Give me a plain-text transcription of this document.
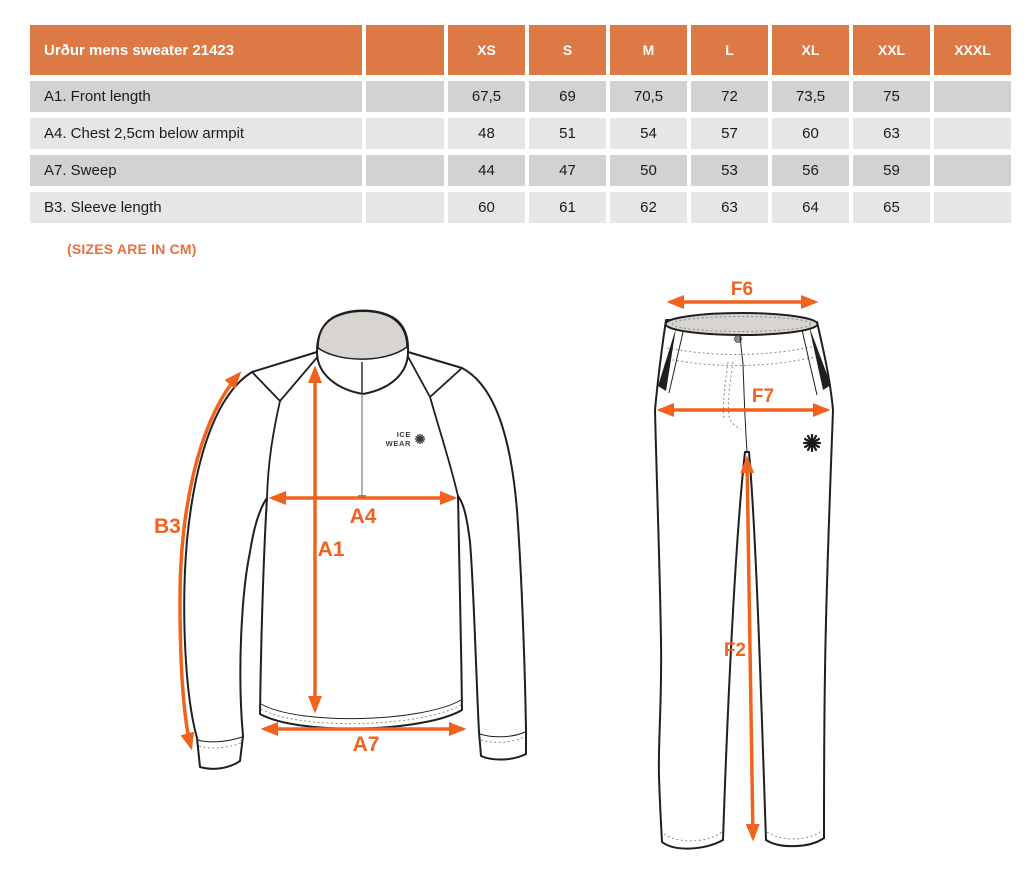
Urður mens sweater 21423		XS	S	M	L	XL	XXL	XXXL
A1. Front length		67,5	69	70,5	72	73,5	75	
A4. Chest 2,5cm below armpit		48	51	54	57	60	63	
A7. Sweep		44	47	50	53	56	59	
B3. Sleeve length		60	61	62	63	64	65	
(SIZES ARE IN CM)
ICE
WEAR
B3	A4
A1
A7
F6
F7
F2
